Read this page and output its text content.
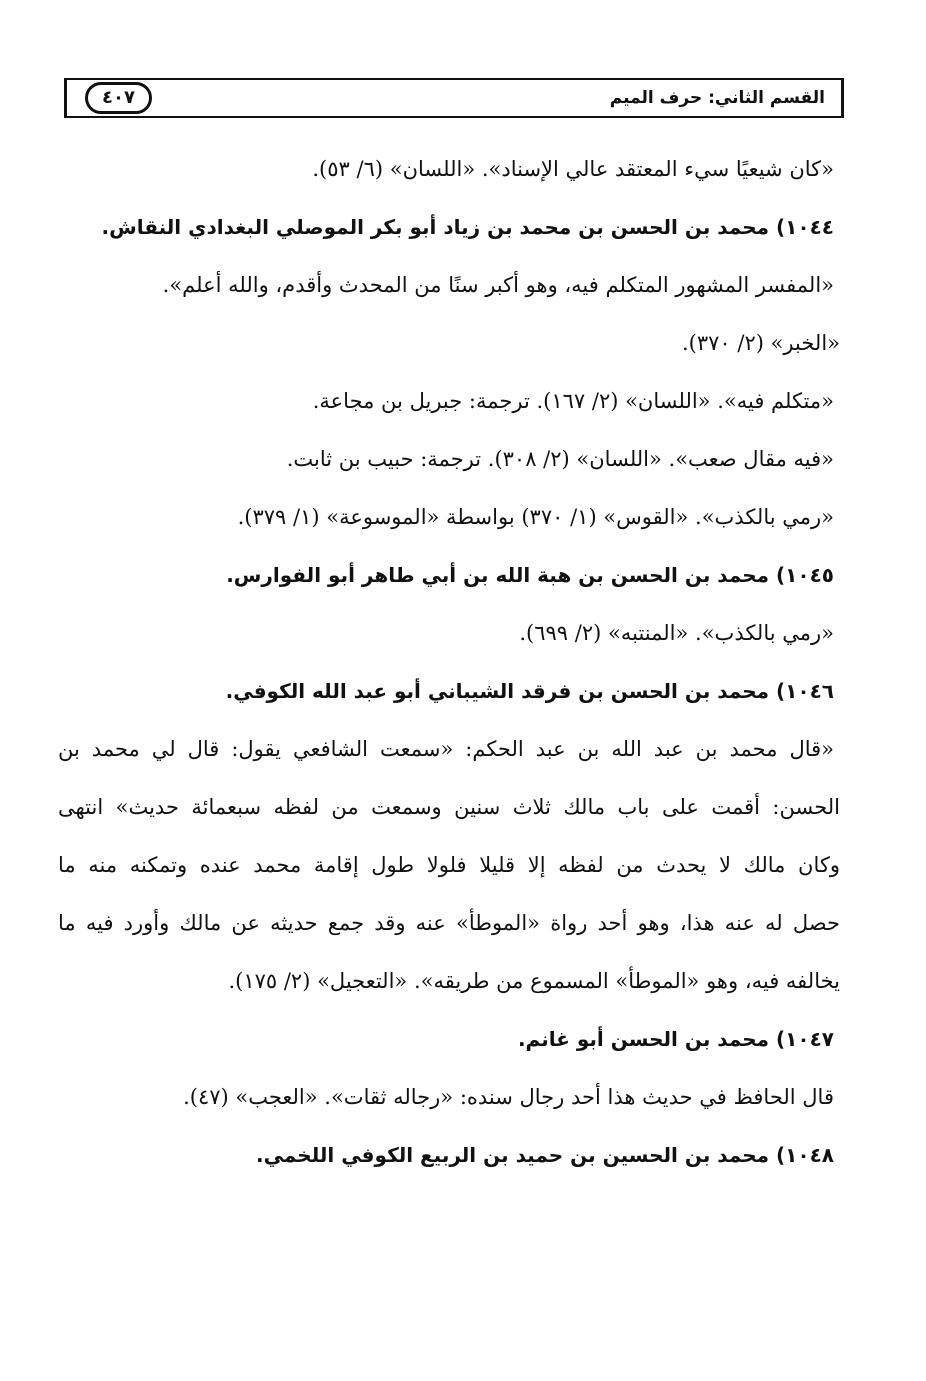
القسم الثاني: حرف الميم
٤٠٧
«كان شيعيًا سيء المعتقد عالي الإسناد». «اللسان» (٦/ ٥٣).
١٠٤٤) محمد بن الحسن بن محمد بن زياد أبو بكر الموصلي البغدادي النقاش.
«المفسر المشهور المتكلم فيه، وهو أكبر سنًا من المحدث وأقدم، والله أعلم».
«الخبر» (٢/ ٣٧٠).
«متكلم فيه». «اللسان» (٢/ ١٦٧). ترجمة: جبريل بن مجاعة.
«فيه مقال صعب». «اللسان» (٢/ ٣٠٨). ترجمة: حبيب بن ثابت.
«رمي بالكذب». «القوس» (١/ ٣٧٠) بواسطة «الموسوعة» (١/ ٣٧٩).
١٠٤٥) محمد بن الحسن بن هبة الله بن أبي طاهر أبو الفوارس.
«رمي بالكذب». «المنتبه» (٢/ ٦٩٩).
١٠٤٦) محمد بن الحسن بن فرقد الشيباني أبو عبد الله الكوفي.
«قال محمد بن عبد الله بن عبد الحكم: «سمعت الشافعي يقول: قال لي محمد بن
الحسن: أقمت على باب مالك ثلاث سنين وسمعت من لفظه سبعمائة حديث» انتهى
وكان مالك لا يحدث من لفظه إلا قليلا فلولا طول إقامة محمد عنده وتمكنه منه ما
حصل له عنه هذا، وهو أحد رواة «الموطأ» عنه وقد جمع حديثه عن مالك وأورد فيه ما
يخالفه فيه، وهو «الموطأ» المسموع من طريقه». «التعجيل» (٢/ ١٧٥).
١٠٤٧) محمد بن الحسن أبو غانم.
قال الحافظ في حديث هذا أحد رجال سنده: «رجاله ثقات». «العجب» (٤٧).
١٠٤٨) محمد بن الحسين بن حميد بن الربيع الكوفي اللخمي.
